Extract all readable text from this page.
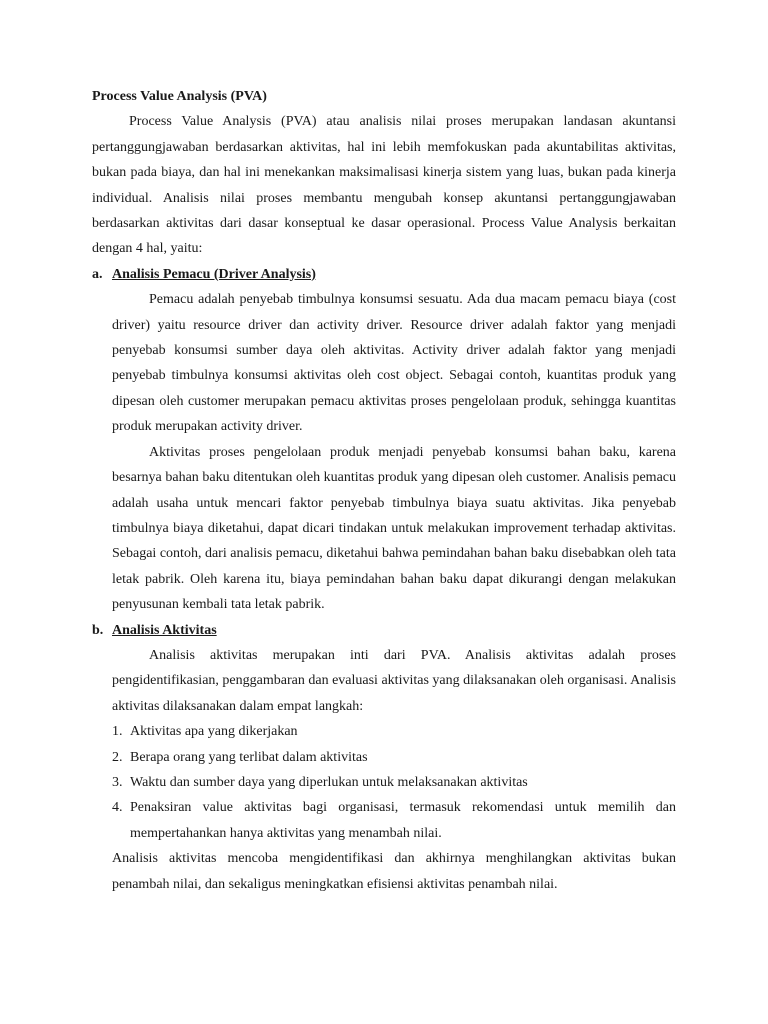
Process Value Analysis (PVA)

Process Value Analysis (PVA) atau analisis nilai proses merupakan landasan akuntansi pertanggungjawaban berdasarkan aktivitas, hal ini lebih memfokuskan pada akuntabilitas aktivitas, bukan pada biaya, dan hal ini menekankan maksimalisasi kinerja sistem yang luas, bukan pada kinerja individual. Analisis nilai proses membantu mengubah konsep akuntansi pertanggungjawaban berdasarkan aktivitas dari dasar konseptual ke dasar operasional. Process Value Analysis berkaitan dengan 4 hal, yaitu:

a. Analisis Pemacu (Driver Analysis)

Pemacu adalah penyebab timbulnya konsumsi sesuatu. Ada dua macam pemacu biaya (cost driver) yaitu resource driver dan activity driver. Resource driver adalah faktor yang menjadi penyebab konsumsi sumber daya oleh aktivitas. Activity driver adalah faktor yang menjadi penyebab timbulnya konsumsi aktivitas oleh cost object. Sebagai contoh, kuantitas produk yang dipesan oleh customer merupakan pemacu aktivitas proses pengelolaan produk, sehingga kuantitas produk merupakan activity driver.

Aktivitas proses pengelolaan produk menjadi penyebab konsumsi bahan baku, karena besarnya bahan baku ditentukan oleh kuantitas produk yang dipesan oleh customer. Analisis pemacu adalah usaha untuk mencari faktor penyebab timbulnya biaya suatu aktivitas. Jika penyebab timbulnya biaya diketahui, dapat dicari tindakan untuk melakukan improvement terhadap aktivitas. Sebagai contoh, dari analisis pemacu, diketahui bahwa pemindahan bahan baku disebabkan oleh tata letak pabrik. Oleh karena itu, biaya pemindahan bahan baku dapat dikurangi dengan melakukan penyusunan kembali tata letak pabrik.

b. Analisis Aktivitas

Analisis aktivitas merupakan inti dari PVA. Analisis aktivitas adalah proses pengidentifikasian, penggambaran dan evaluasi aktivitas yang dilaksanakan oleh organisasi. Analisis aktivitas dilaksanakan dalam empat langkah:

1. Aktivitas apa yang dikerjakan
2. Berapa orang yang terlibat dalam aktivitas
3. Waktu dan sumber daya yang diperlukan untuk melaksanakan aktivitas
4. Penaksiran value aktivitas bagi organisasi, termasuk rekomendasi untuk memilih dan mempertahankan hanya aktivitas yang menambah nilai.

Analisis aktivitas mencoba mengidentifikasi dan akhirnya menghilangkan aktivitas bukan penambah nilai, dan sekaligus meningkatkan efisiensi aktivitas penambah nilai.
